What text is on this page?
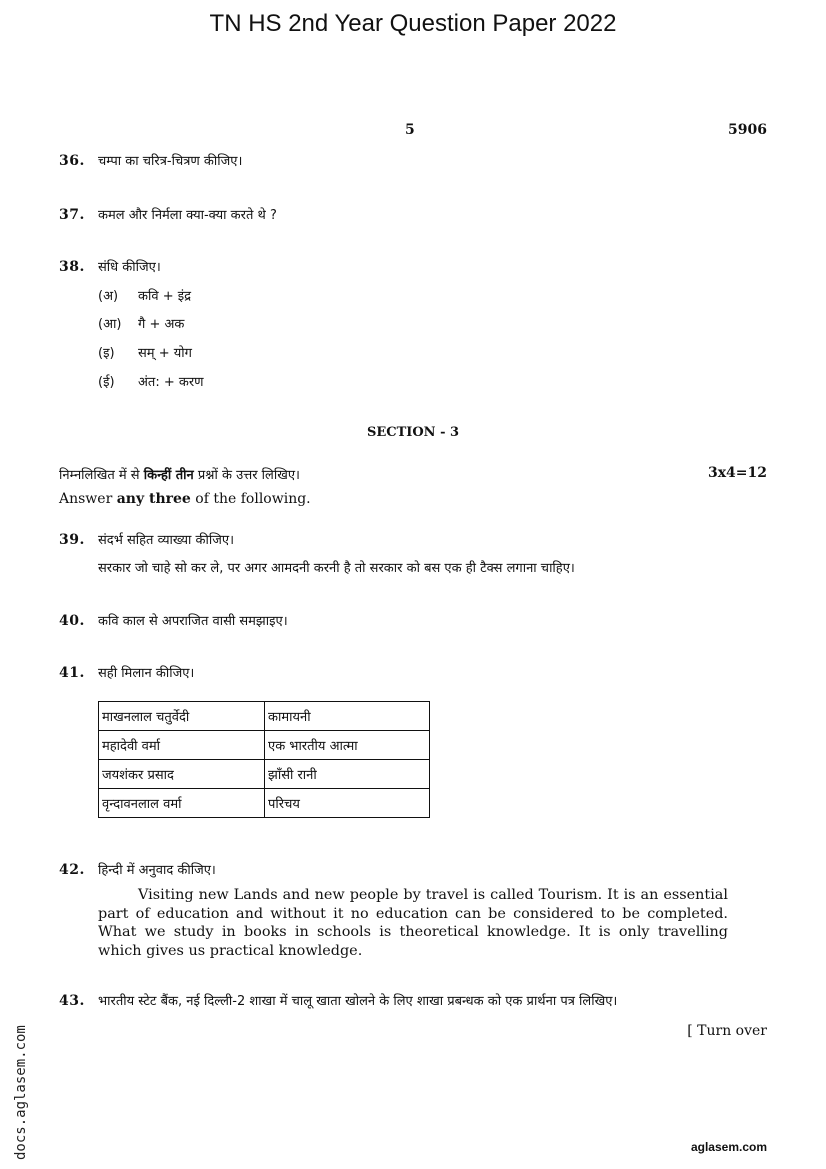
TN HS 2nd Year Question Paper 2022
5	5906
36.	चम्पा का चरित्र-चित्रण कीजिए।
37.	कमल और निर्मला क्या-क्या करते थे ?
38.	संधि कीजिए।
(अ)	कवि + इंद्र
(आ)	गै + अक
(इ)	सम् + योग
(ई)	अंत: + करण
SECTION - 3
निम्नलिखित में से किन्हीं तीन प्रश्नों के उत्तर लिखिए।	3x4=12
Answer any three of the following.
39.	संदर्भ सहित व्याख्या कीजिए।
सरकार जो चाहे सो कर ले, पर अगर आमदनी करनी है तो सरकार को बस एक ही टैक्स लगाना चाहिए।
40.	कवि काल से अपराजित वासी समझाइए।
41.	सही मिलान कीजिए।
माखनलाल चतुर्वेदी	कामायनी
महादेवी वर्मा	एक भारतीय आत्मा
जयशंकर प्रसाद	झाँसी रानी
वृन्दावनलाल वर्मा	परिचय
42.	हिन्दी में अनुवाद कीजिए।
Visiting new Lands and new people by travel is called Tourism. It is an essential part of education and without it no education can be considered to be completed. What we study in books in schools is theoretical knowledge. It is only travelling which gives us practical knowledge.
43.	भारतीय स्टेट बैंक, नई दिल्ली-2 शाखा में चालू खाता खोलने के लिए शाखा प्रबन्धक को एक प्रार्थना पत्र लिखिए।
[ Turn over
docs.aglasem.com	aglasem.com
